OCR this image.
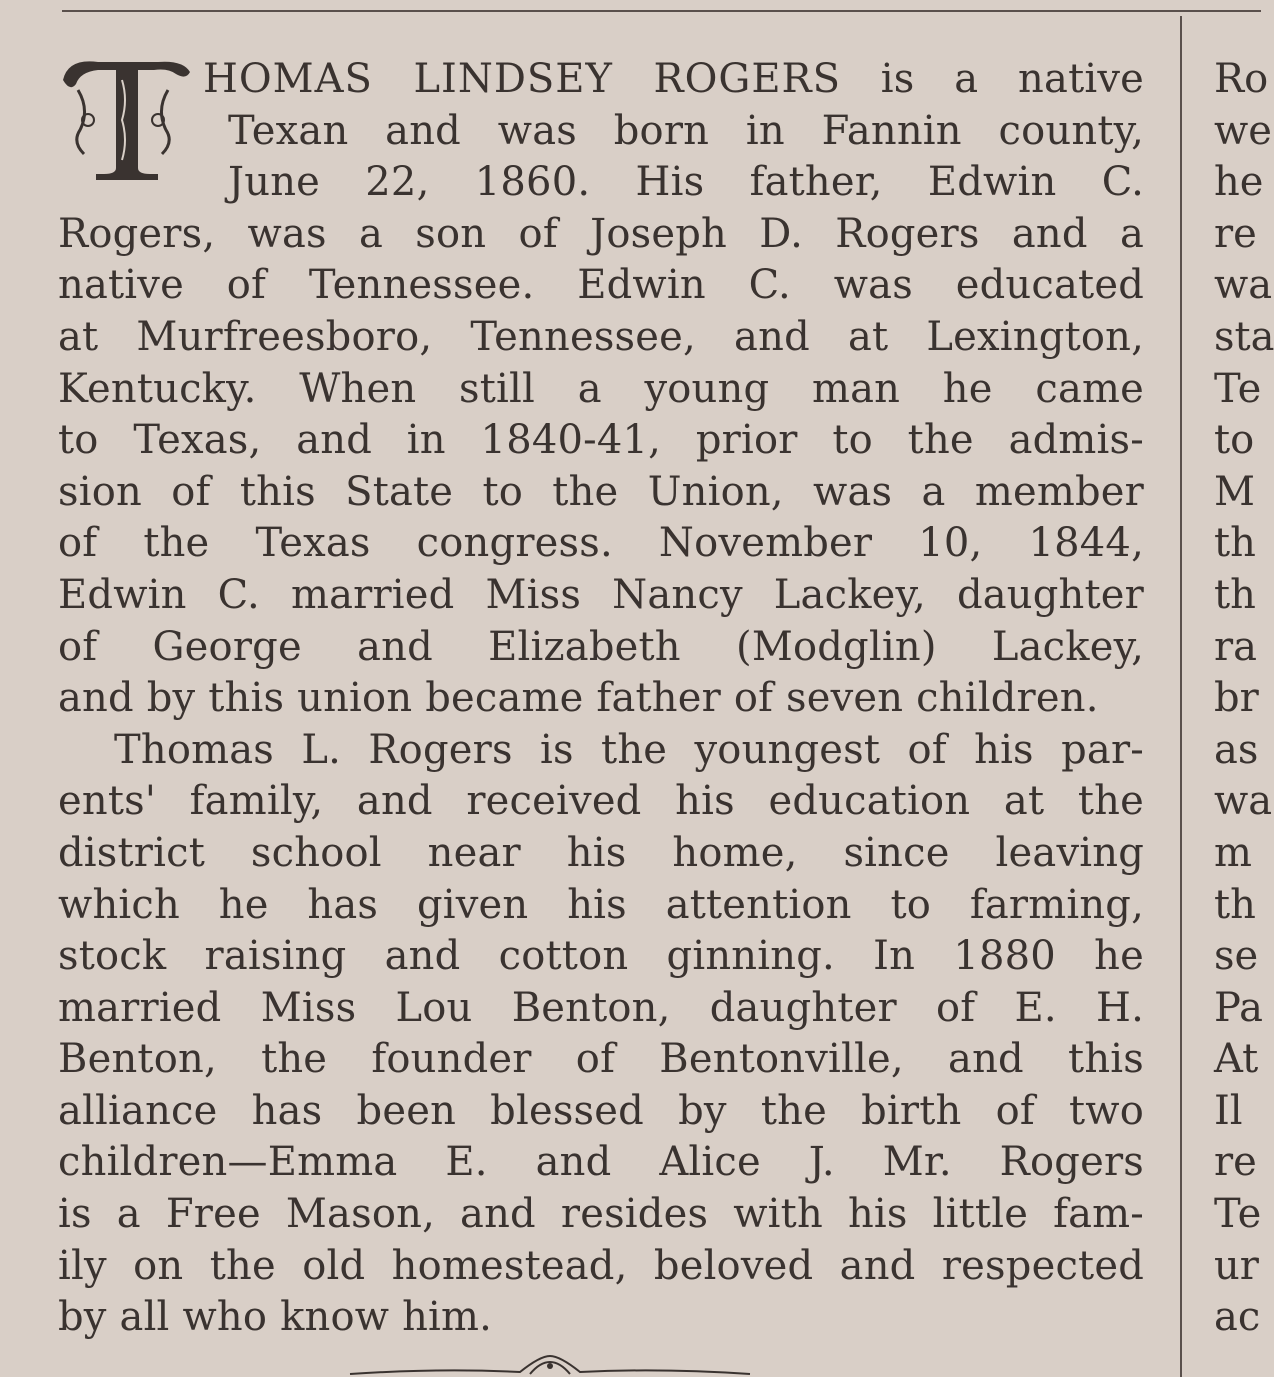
HOMAS LINDSEY ROGERS is a native
Texan and was born in Fannin county,
June 22, 1860. His father, Edwin C.
Rogers, was a son of Joseph D. Rogers and a
native of Tennessee. Edwin C. was educated
at Murfreesboro, Tennessee, and at Lexington,
Kentucky. When still a young man he came
to Texas, and in 1840-41, prior to the admis-
sion of this State to the Union, was a member
of the Texas congress. November 10, 1844,
Edwin C. married Miss Nancy Lackey, daughter
of George and Elizabeth (Modglin) Lackey,
and by this union became father of seven children.
Thomas L. Rogers is the youngest of his par-
ents' family, and received his education at the
district school near his home, since leaving
which he has given his attention to farming,
stock raising and cotton ginning. In 1880 he
married Miss Lou Benton, daughter of E. H.
Benton, the founder of Bentonville, and this
alliance has been blessed by the birth of two
children—Emma E. and Alice J. Mr. Rogers
is a Free Mason, and resides with his little fam-
ily on the old homestead, beloved and respected
by all who know him.
Ro
we
he
re
wa
sta
Te
to
M
th
th
ra
br
as
wa
m
th
se
Pa
At
Il
re
Te
ur
ac
